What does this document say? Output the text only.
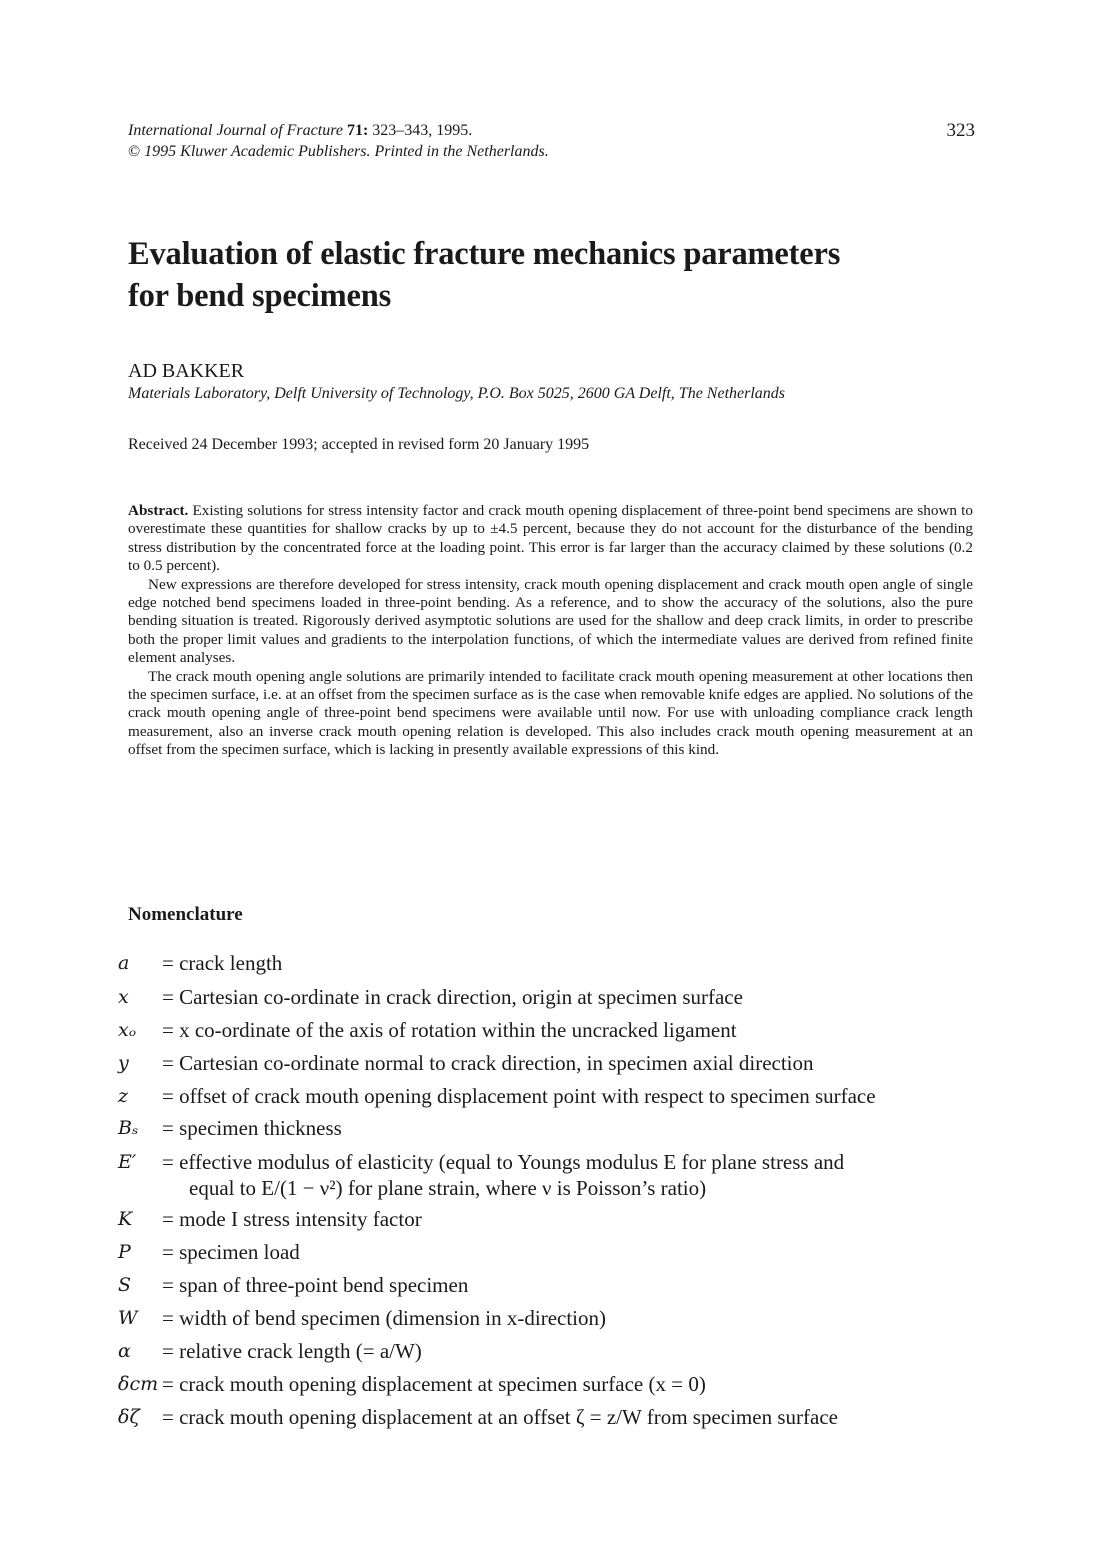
International Journal of Fracture 71: 323–343, 1995.
© 1995 Kluwer Academic Publishers. Printed in the Netherlands.
323
Evaluation of elastic fracture mechanics parameters
for bend specimens
AD BAKKER
Materials Laboratory, Delft University of Technology, P.O. Box 5025, 2600 GA Delft, The Netherlands
Received 24 December 1993; accepted in revised form 20 January 1995

Abstract. Existing solutions for stress intensity factor and crack mouth opening displacement of three-point bend specimens are shown to overestimate these quantities for shallow cracks by up to ±4.5 percent, because they do not account for the disturbance of the bending stress distribution by the concentrated force at the loading point. This error is far larger than the accuracy claimed by these solutions (0.2 to 0.5 percent).

New expressions are therefore developed for stress intensity, crack mouth opening displacement and crack mouth open angle of single edge notched bend specimens loaded in three-point bending. As a reference, and to show the accuracy of the solutions, also the pure bending situation is treated. Rigorously derived asymptotic solutions are used for the shallow and deep crack limits, in order to prescribe both the proper limit values and gradients to the interpolation functions, of which the intermediate values are derived from refined finite element analyses.

The crack mouth opening angle solutions are primarily intended to facilitate crack mouth opening measurement at other locations then the specimen surface, i.e. at an offset from the specimen surface as is the case when removable knife edges are applied. No solutions of the crack mouth opening angle of three-point bend specimens were available until now. For use with unloading compliance crack length measurement, also an inverse crack mouth opening relation is developed. This also includes crack mouth opening measurement at an offset from the specimen surface, which is lacking in presently available expressions of this kind.

Nomenclature
a	= crack length
x	= Cartesian co-ordinate in crack direction, origin at specimen surface
xₒ	= x co-ordinate of the axis of rotation within the uncracked ligament
y	= Cartesian co-ordinate normal to crack direction, in specimen axial direction
z	= offset of crack mouth opening displacement point with respect to specimen surface
Bₛ	= specimen thickness
E′	= effective modulus of elasticity (equal to Youngs modulus E for plane stress and
equal to E/(1 − ν²) for plane strain, where ν is Poisson’s ratio)
K	= mode I stress intensity factor
P	= specimen load
S	= span of three-point bend specimen
W	= width of bend specimen (dimension in x-direction)
α	= relative crack length (= a/W)
δcm = crack mouth opening displacement at specimen surface (x = 0)
δζ	= crack mouth opening displacement at an offset ζ = z/W from specimen surface
